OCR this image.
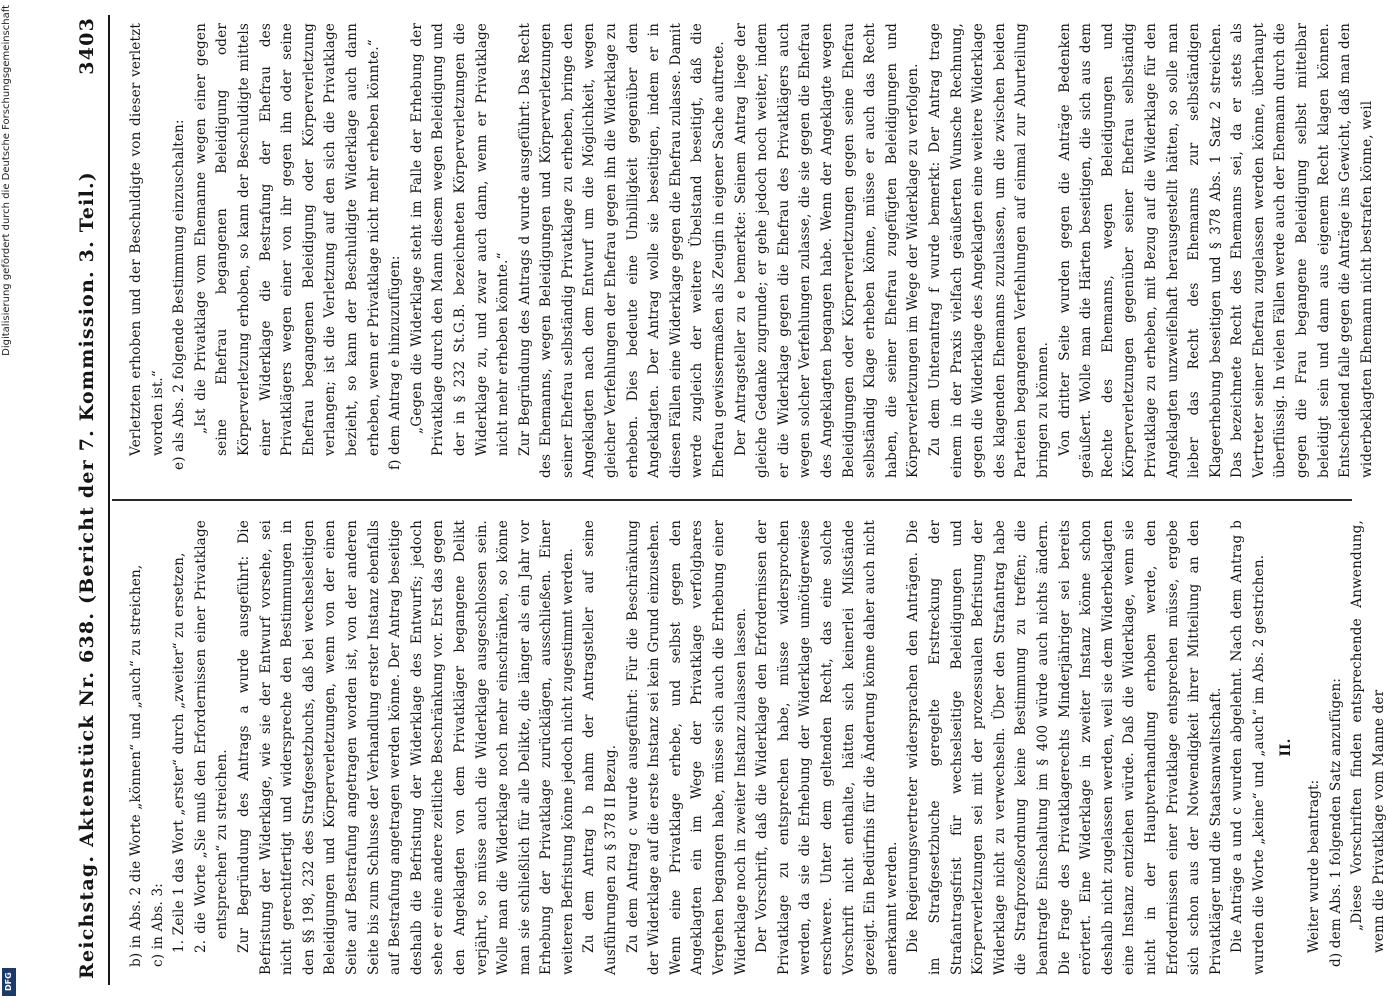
Reichstag. Aktenstück Nr. 638. (Bericht der 7. Kommission. 3. Teil.)
3403

b) in Abs. 2 die Worte „können“ und „auch“ zu streichen, c) in Abs. 3: 1. Zeile 1 das Wort „erster“ durch „zweiter“ zu ersetzen, 2. die Worte „Sie muß den Erfordernissen einer Privatklage entsprechen“ zu streichen. Zur Begründung des Antrags a wurde ausgeführt: Die Befristung der Widerklage, wie sie der Entwurf vorsehe, sei nicht gerechtfertigt und widerspreche den Bestimmungen in den §§ 198, 232 des Strafgesetzbuchs, daß bei wechselseitigen Beleidigungen und Körperverletzungen, wenn von der einen Seite auf Bestrafung angetragen worden ist, von der anderen Seite bis zum Schlusse der Verhandlung erster Instanz ebenfalls auf Bestrafung angetragen werden könne. Der Antrag beseitige deshalb die Befristung der Widerklage des Entwurfs; jedoch sehe er eine andere zeitliche Beschränkung vor. Erst das gegen den Angeklagten von dem Privatkläger begangene Delikt verjährt, so müsse auch die Widerklage ausgeschlossen sein. Wolle man die Widerklage noch mehr einschränken, so könne man sie schließlich für alle Delikte, die länger als ein Jahr vor Erhebung der Privatklage zurücklägen, ausschließen. Einer weiteren Befristung könne jedoch nicht zugestimmt werden. Zu dem Antrag b nahm der Antragsteller auf seine Ausführungen zu § 378 II Bezug. Zu dem Antrag c wurde ausgeführt: Für die Beschränkung der Widerklage auf die erste Instanz sei kein Grund einzusehen. Wenn eine Privatklage erhebe, und selbst gegen den Angeklagten ein im Wege der Privatklage verfolgbares Vergehen begangen habe, müsse sich auch die Erhebung einer Widerklage noch in zweiter Instanz zulassen lassen. Der Vorschrift, daß die Widerklage den Erfordernissen der Privatklage zu entsprechen habe, müsse widersprochen werden, da sie die Erhebung der Widerklage unnötigerweise erschwere. Unter dem geltenden Recht, das eine solche Vorschrift nicht enthalte, hätten sich keinerlei Mißstände gezeigt. Ein Bedürfnis für die Änderung könne daher auch nicht anerkannt werden. Die Regierungsvertreter widersprachen den Anträgen. Die im Strafgesetzbuche geregelte Erstreckung der Strafantragsfrist für wechselseitige Beleidigungen und Körperverletzungen sei mit der prozessualen Befristung der Widerklage nicht zu verwechseln. Über den Strafantrag habe die Strafprozeßordnung keine Bestimmung zu treffen; die beantragte Einschaltung im § 400 würde auch nichts ändern. Die Frage des Privatklagerechts Minderjähriger sei bereits erörtert. Eine Widerklage in zweiter Instanz könne schon deshalb nicht zugelassen werden, weil sie dem Widerbeklagten eine Instanz entziehen würde. Daß die Widerklage, wenn sie nicht in der Hauptverhandlung erhoben werde, den Erfordernissen einer Privatklage entsprechen müsse, ergebe sich schon aus der Notwendigkeit ihrer Mitteilung an den Privatkläger und die Staatsanwaltschaft. Die Anträge a und c wurden abgelehnt. Nach dem Antrag b wurden die Worte „keine“ und „auch“ im Abs. 2 gestrichen. II.

Weiter wurde beantragt: d) dem Abs. 1 folgenden Satz anzufügen: „Diese Vorschriften finden entsprechende Anwendung, wenn die Privatklage vom Manne der

Verletzten erhoben und der Beschuldigte von dieser verletzt worden ist.“ e) als Abs. 2 folgende Bestimmung einzuschalten: „Ist die Privatklage vom Ehemanne wegen einer gegen seine Ehefrau begangenen Beleidigung oder Körperverletzung erhoben, so kann der Beschuldigte mittels einer Widerklage die Bestrafung der Ehefrau des Privatklägers wegen einer von ihr gegen ihn oder seine Ehefrau begangenen Beleidigung oder Körperverletzung verlangen; ist die Verletzung auf den sich die Privatklage bezieht, so kann der Beschuldigte Widerklage auch dann erheben, wenn er Privatklage nicht mehr erheben könnte.“ f) dem Antrag e hinzuzufügen: „Gegen die Widerklage steht im Falle der Erhebung der Privatklage durch den Mann diesem wegen Beleidigung und der in § 232 St.G.B. bezeichneten Körperverletzungen die Widerklage zu, und zwar auch dann, wenn er Privatklage nicht mehr erheben könnte.“ Zur Begründung des Antrags d wurde ausgeführt: Das Recht des Ehemanns, wegen Beleidigungen und Körperverletzungen seiner Ehefrau selbständig Privatklage zu erheben, bringe den Angeklagten nach dem Entwurf um die Möglichkeit, wegen gleicher Verfehlungen der Ehefrau gegen ihn die Widerklage zu erheben. Dies bedeute eine Unbilligkeit gegenüber dem Angeklagten. Der Antrag wolle sie beseitigen, indem er in diesen Fällen eine Widerklage gegen die Ehefrau zulasse. Damit werde zugleich der weitere Übelstand beseitigt, daß die Ehefrau gewissermaßen als Zeugin in eigener Sache auftrete. Der Antragsteller zu e bemerkte: Seinem Antrag liege der gleiche Gedanke zugrunde; er gehe jedoch noch weiter, indem er die Widerklage gegen die Ehefrau des Privatklägers auch wegen solcher Verfehlungen zulasse, die sie gegen die Ehefrau des Angeklagten begangen habe. Wenn der Angeklagte wegen Beleidigungen oder Körperverletzungen gegen seine Ehefrau selbständig Klage erheben könne, müsse er auch das Recht haben, die seiner Ehefrau zugefügten Beleidigungen und Körperverletzungen im Wege der Widerklage zu verfolgen. Zu dem Unterantrag f wurde bemerkt: Der Antrag trage einem in der Praxis vielfach geäußerten Wunsche Rechnung, gegen die Widerklage des Angeklagten eine weitere Widerklage des klagenden Ehemanns zuzulassen, um die zwischen beiden Parteien begangenen Verfehlungen auf einmal zur Aburteilung bringen zu können. Von dritter Seite wurden gegen die Anträge Bedenken geäußert. Wolle man die Härten beseitigen, die sich aus dem Rechte des Ehemanns, wegen Beleidigungen und Körperverletzungen gegenüber seiner Ehefrau selbständig Privatklage zu erheben, mit Bezug auf die Widerklage für den Angeklagten unzweifelhaft herausgestellt hätten, so solle man lieber das Recht des Ehemanns zur selbständigen Klageerhebung beseitigen und § 378 Abs. 1 Satz 2 streichen. Das bezeichnete Recht des Ehemanns sei, da er stets als Vertreter seiner Ehefrau zugelassen werden könne, überhaupt überflüssig. In vielen Fällen werde auch der Ehemann durch die gegen die Frau begangene Beleidigung selbst mittelbar beleidigt sein und dann aus eigenem Recht klagen können. Entscheidend falle gegen die Anträge ins Gewicht, daß man den widerbeklagten Ehemann nicht bestrafen könne, weil

Digitalisierung gefördert durch die Deutsche Forschungsgemeinschaft
DFG
